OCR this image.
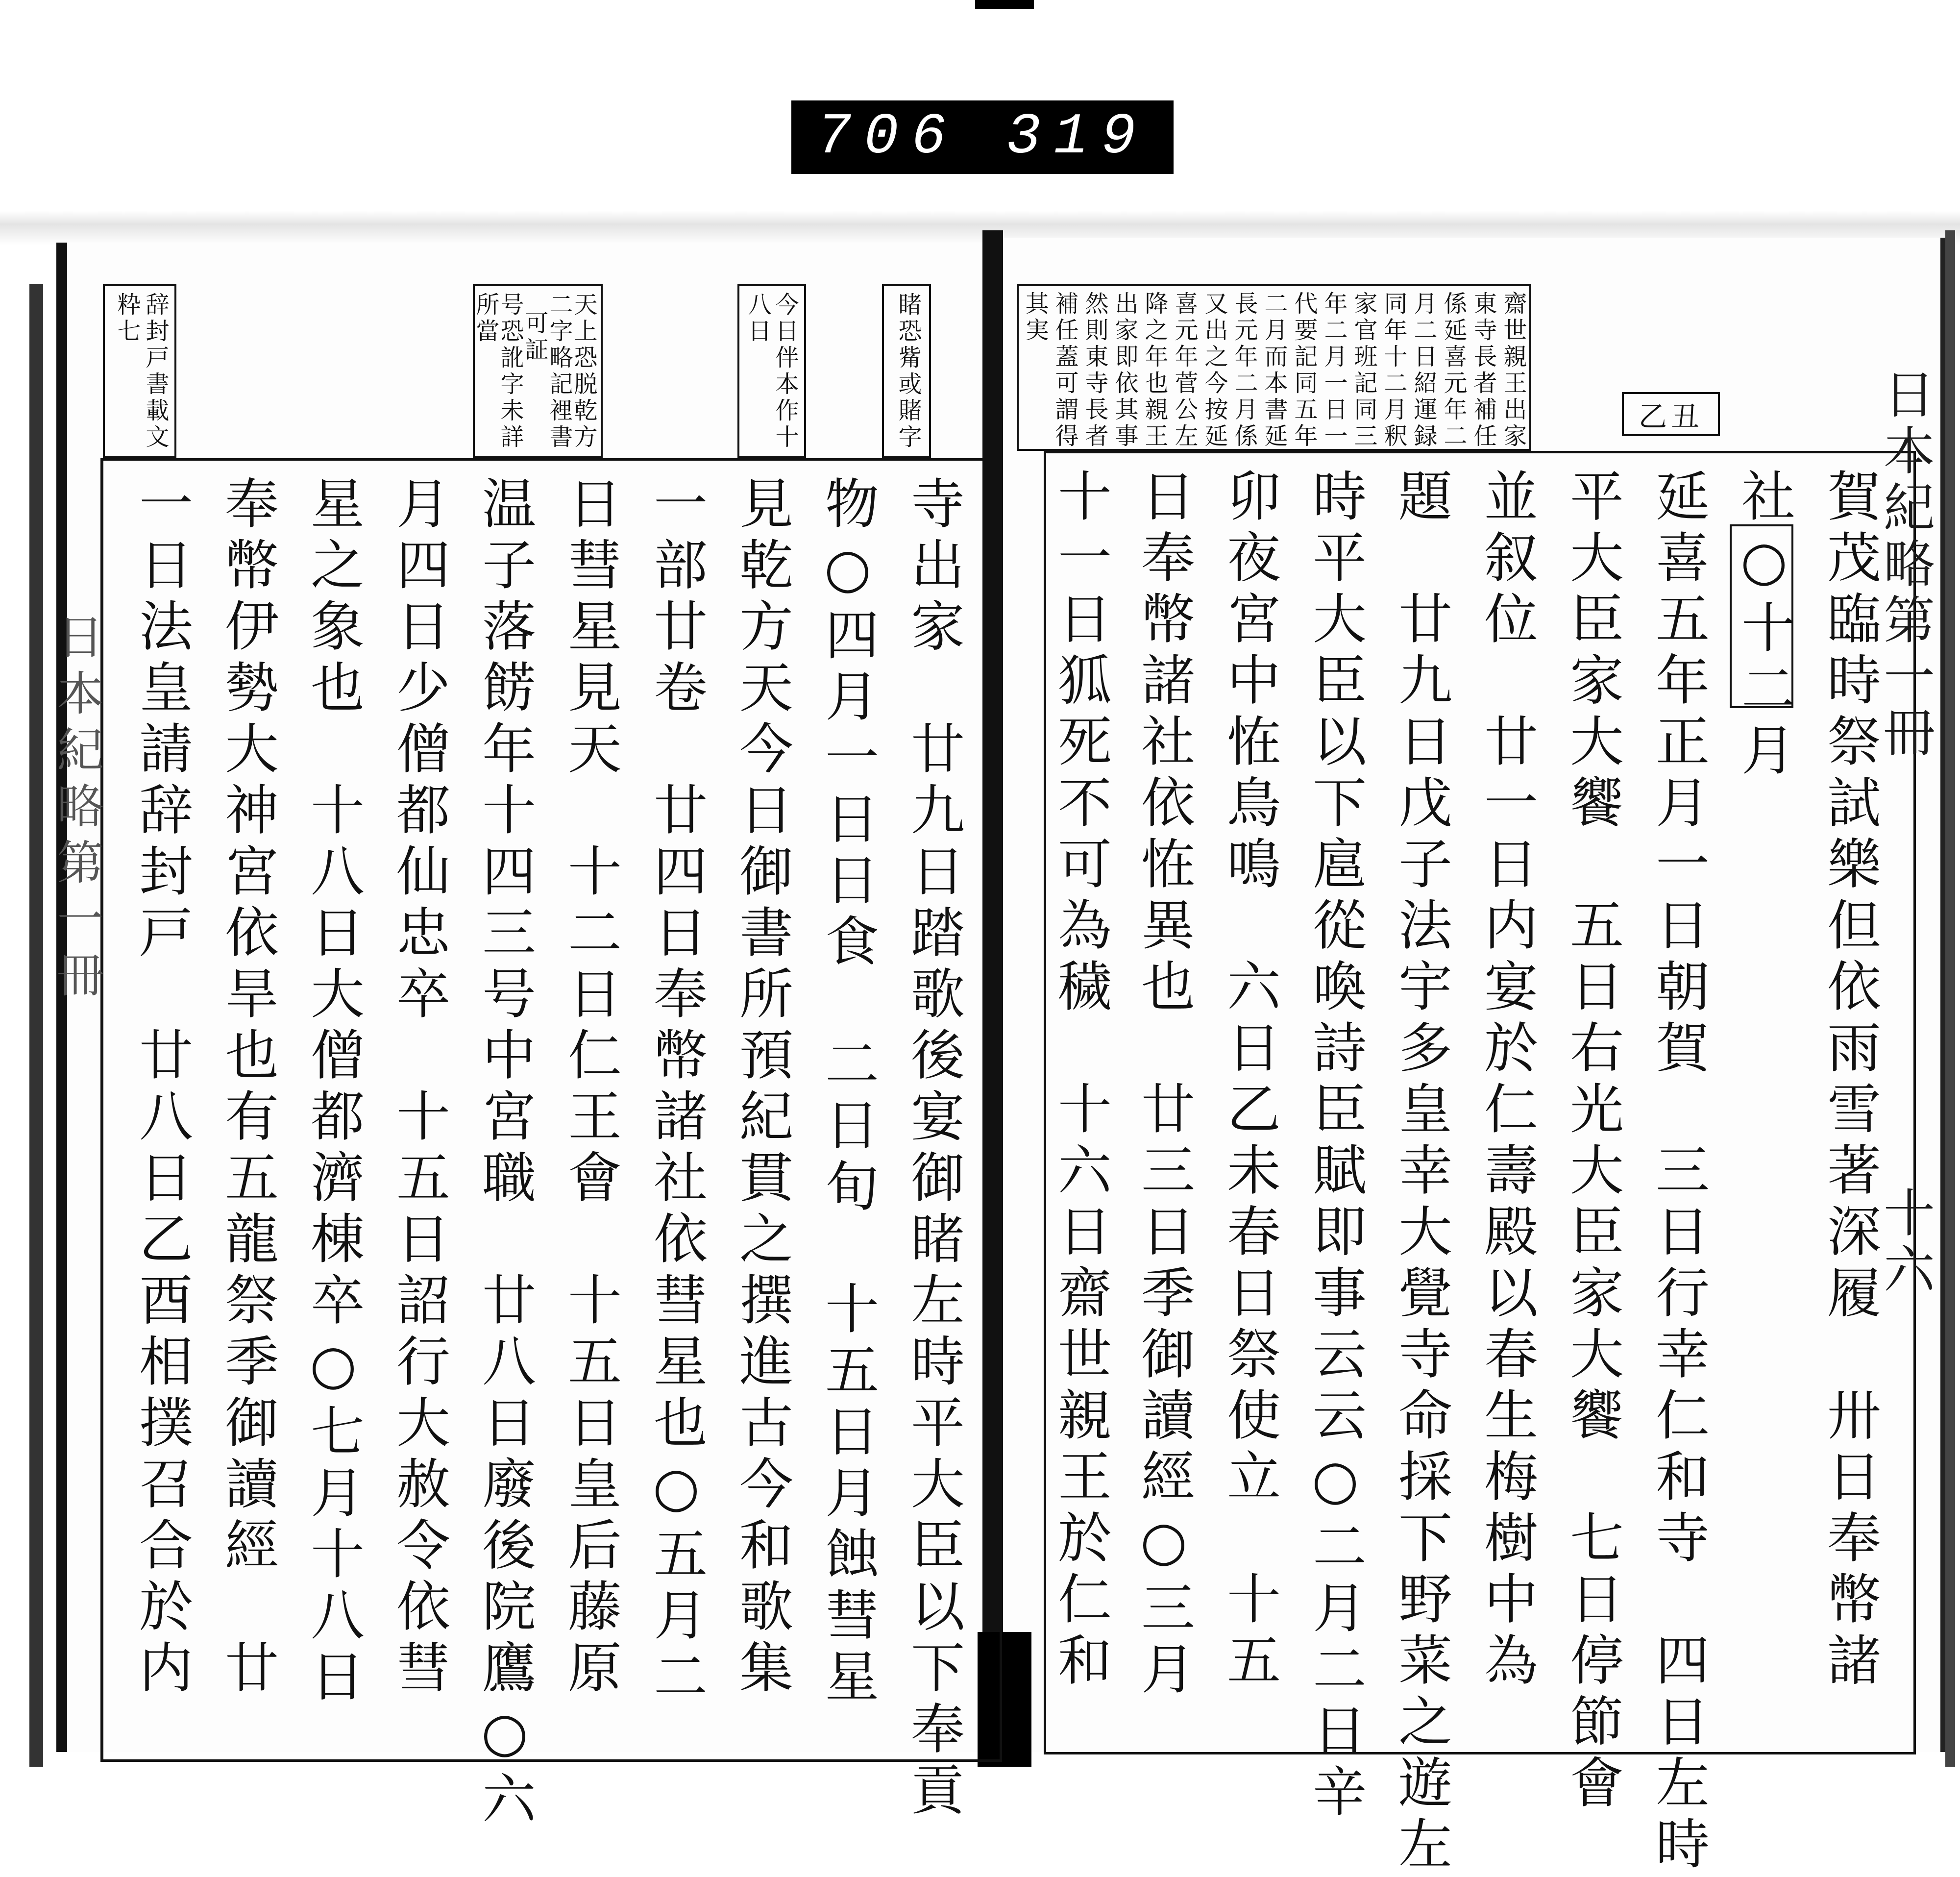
706 319
睹恐觜或賭字
今日伴本作十
八日
天上恐脱乾方
二字略記裡書
可証
号恐訛字未詳
所當
辞封戸書載文
粋七
寺出家　廿九日踏歌後宴御睹左時平大臣以下奉貢
物○四月一日日食　二日旬　十五日月蝕彗星
見乾方天今日御書所預紀貫之撰進古今和歌集
一部廿卷　廿四日奉幣諸社依彗星也○五月二
日彗星見天　十二日仁王會　十五日皇后藤原
温子落餝年十四三号中宮職　廿八日廢後院鷹○六
月四日少僧都仙忠卒　十五日詔行大赦令依彗
星之象也　十八日大僧都濟棟卒○七月十八日
奉幣伊勢大神宮依旱也有五龍祭季御讀經　廿
一日法皇請辞封戸　廿八日乙酉相撲召合於内
日本紀略第一冊
齋世親王出家
東寺長者補任
係延喜元年二
月二日紹運録
同年十二月釈
家官班記同三
年二月一日一
代要記同五年
二月而本書延
長元年二月係
又出之今按延
喜元年菅公左
降之年也親王
出家即依其事
然則東寺長者
補任蓋可謂得
其実
乙丑
賀茂臨時祭試樂但依雨雪著深履　卅日奉幣諸
社○十二月
延喜五年正月一日朝賀　三日行幸仁和寺　四日左時
平大臣家大饗　五日右光大臣家大饗　七日停節會
並叙位　廿一日内宴於仁壽殿以春生梅樹中為
題　廿九日戊子法宇多皇幸大覺寺命採下野菜之遊左
時平大臣以下扈從喚詩臣賦即事云云○二月二日辛
卯夜宮中恠鳥鳴　六日乙未春日祭使立　十五
日奉幣諸社依恠異也　廿三日季御讀經○三月
十一日狐死不可為穢　十六日齋世親王於仁和	日本紀略第一冊
十六
